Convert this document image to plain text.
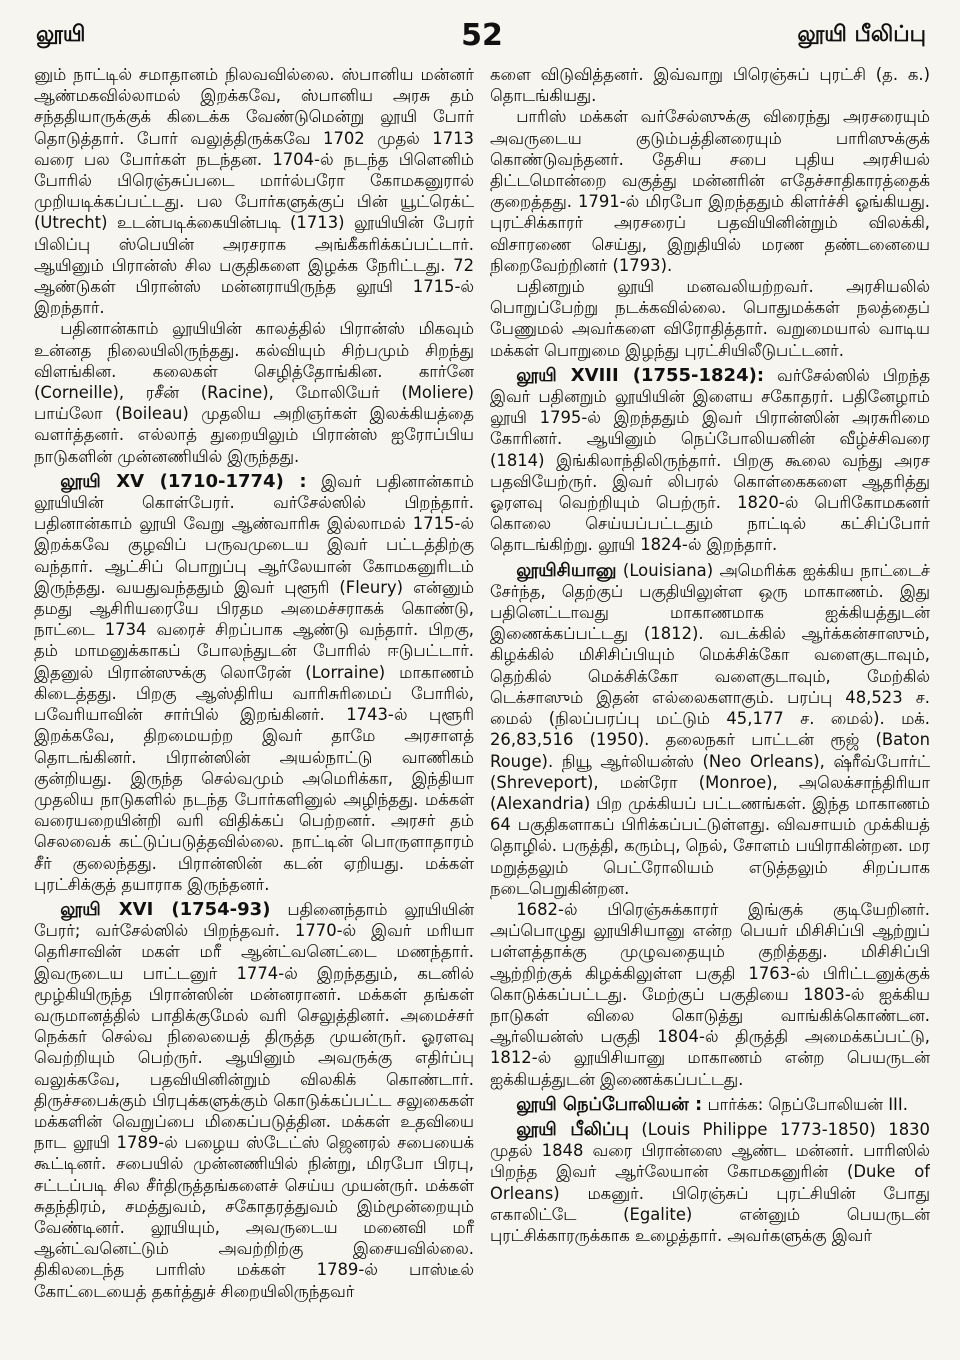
லூயி	52	லூயி பீலிப்பு

னும் நாட்டில் சமாதானம் நிலவவில்லை. ஸ்பானிய மன்னர் ஆண்மகவில்லாமல் இறக்கவே, ஸ்பானிய அரசு தம் சந்ததியாருக்குக் கிடைக்க வேண்டுமென்று லூயி போர் தொடுத்தார். போர் வலுத்திருக்கவே 1702 முதல் 1713 வரை பல போர்கள் நடந்தன. 1704-ல் நடந்த பிளெனிம் போரில் பிரெஞ்சுப்படை மார்ல்பரோ கோமகனுரால் முறியடிக்கப்பட்டது. பல போர்களுக்குப் பின் யூட்ரெக்ட் (Utrecht) உடன்படிக்கையின்படி (1713) லூயியின் பேரர் பிலிப்பு ஸ்பெயின் அரசராக அங்கீகரிக்கப்பட்டார். ஆயினும் பிரான்ஸ் சில பகுதிகளை இழக்க நேரிட்டது. 72 ஆண்டுகள் பிரான்ஸ் மன்னராயிருந்த லூயி 1715-ல் இறந்தார்.

பதினான்காம் லூயியின் காலத்தில் பிரான்ஸ் மிகவும் உன்னத நிலையிலிருந்தது. கல்வியும் சிற்பமும் சிறந்து விளங்கின. கலைகள் செழித்தோங்கின. கார்னே (Corneille), ரசீன் (Racine), மோலியேர் (Moliere) பாய்லோ (Boileau) முதலிய அறிஞர்கள் இலக்கியத்தை வளர்த்தனர். எல்லாத் துறையிலும் பிரான்ஸ் ஐரோப்பிய நாடுகளின் முன்னணியில் இருந்தது.

லூயி XV (1710-1774) : இவர் பதினான்காம் லூயியின் கொள்பேரர். வர்சேல்ஸில் பிறந்தார். பதினான்காம் லூயி வேறு ஆண்வாரிசு இல்லாமல் 1715-ல் இறக்கவே குழவிப் பருவமுடைய இவர் பட்டத்திற்கு வந்தார். ஆட்சிப் பொறுப்பு ஆர்லேயான் கோமகனுரிடம் இருந்தது. வயதுவந்ததும் இவர் புளூரி (Fleury) என்னும் தமது ஆசிரியரையே பிரதம அமைச்சராகக் கொண்டு, நாட்டை 1734 வரைச் சிறப்பாக ஆண்டு வந்தார். பிறகு, தம் மாமனுக்காகப் போலந்துடன் போரில் ஈடுபட்டார். இதனுல் பிரான்ஸுக்கு லொரேன் (Lorraine) மாகாணம் கிடைத்தது. பிறகு ஆஸ்திரிய வாரிசுரிமைப் போரில், பவேரியாவின் சார்பில் இறங்கினர். 1743-ல் புளூரி இறக்கவே, திறமையற்ற இவர் தாமே அரசாளத் தொடங்கினர். பிரான்ஸின் அயல்நாட்டு வாணிகம் குன்றியது. இருந்த செல்வமும் அமெரிக்கா, இந்தியா முதலிய நாடுகளில் நடந்த போர்களினுல் அழிந்தது. மக்கள் வரையறையின்றி வரி விதிக்கப் பெற்றனர். அரசர் தம் செலவைக் கட்டுப்படுத்தவில்லை. நாட்டின் பொருளாதாரம் சீர் குலைந்தது. பிரான்ஸின் கடன் ஏறியது. மக்கள் புரட்சிக்குத் தயாராக இருந்தனர்.

லூயி XVI (1754-93) பதினைந்தாம் லூயியின் பேரர்; வர்சேல்ஸில் பிறந்தவர். 1770-ல் இவர் மரியா தெரிசாவின் மகள் மரீ ஆன்ட்வனெட்டை மணந்தார். இவருடைய பாட்டனுர் 1774-ல் இறந்ததும், கடனில் மூழ்கியிருந்த பிரான்ஸின் மன்னரானர். மக்கள் தங்கள் வருமானத்தில் பாதிக்குமேல் வரி செலுத்தினர். அமைச்சர் நெக்கர் செல்வ நிலையைத் திருத்த முயன்ருர். ஓரளவு வெற்றியும் பெற்ருர். ஆயினும் அவருக்கு எதிர்ப்பு வலுக்கவே, பதவியினின்றும் விலகிக் கொண்டார். திருச்சபைக்கும் பிரபுக்களுக்கும் கொடுக்கப்பட்ட சலுகைகள் மக்களின் வெறுப்பை மிகைப்படுத்தின. மக்கள் உதவியை நாட லூயி 1789-ல் பழைய ஸ்டேட்ஸ் ஜெனரல் சபையைக் கூட்டினர். சபையில் முன்னணியில் நின்று, மிரபோ பிரபு, சட்டப்படி சில சீர்திருத்தங்களைச் செய்ய முயன்ருர். மக்கள் சுதந்திரம், சமத்துவம், சகோதரத்துவம் இம்மூன்றையும் வேண்டினர். லூயியும், அவருடைய மனைவி மரீ ஆன்ட்வனெட்டும் அவற்றிற்கு இசையவில்லை. திகிலடைந்த பாரிஸ் மக்கள் 1789-ல் பாஸ்டீல் கோட்டையைத் தகர்த்துச் சிறையிலிருந்தவர்

களை விடுவித்தனர். இவ்வாறு பிரெஞ்சுப் புரட்சி (த. க.) தொடங்கியது.

பாரிஸ் மக்கள் வர்சேல்ஸுக்கு விரைந்து அரசரையும் அவருடைய குடும்பத்தினரையும் பாரிஸுக்குக் கொண்டுவந்தனர். தேசிய சபை புதிய அரசியல் திட்டமொன்றை வகுத்து மன்னரின் எதேச்சாதிகாரத்தைக் குறைத்தது. 1791-ல் மிரபோ இறந்ததும் கிளர்ச்சி ஓங்கியது. புரட்சிக்காரர் அரசரைப் பதவியினின்றும் விலக்கி, விசாரணை செய்து, இறுதியில் மரண தண்டனையை நிறைவேற்றினர் (1793).

பதினறும் லூயி மனவலியற்றவர். அரசியலில் பொறுப்பேற்று நடக்கவில்லை. பொதுமக்கள் நலத்தைப் பேணுமல் அவர்களை விரோதித்தார். வறுமையால் வாடிய மக்கள் பொறுமை இழந்து புரட்சியிலீடுபட்டனர்.

லூயி XVIII (1755-1824): வர்சேல்ஸில் பிறந்த இவர் பதினறும் லூயியின் இளைய சகோதரர். பதினேழாம் லூயி 1795-ல் இறந்ததும் இவர் பிரான்ஸின் அரசுரிமை கோரினர். ஆயினும் நெப்போலியனின் வீழ்ச்சிவரை (1814) இங்கிலாந்திலிருந்தார். பிறகு கூலை வந்து அரச பதவியேற்ருர். இவர் லிபரல் கொள்கைகளை ஆதரித்து ஓரளவு வெற்றியும் பெற்ருர். 1820-ல் பெரிகோமகனர் கொலை செய்யப்பட்டதும் நாட்டில் கட்சிப்போர் தொடங்கிற்று. லூயி 1824-ல் இறந்தார்.

லூயிசியானு (Louisiana) அமெரிக்க ஐக்கிய நாட்டைச் சேர்ந்த, தெற்குப் பகுதியிலுள்ள ஒரு மாகாணம். இது பதினெட்டாவது மாகாணமாக ஐக்கியத்துடன் இணைக்கப்பட்டது (1812). வடக்கில் ஆர்க்கன்சாஸும், கிழக்கில் மிசிசிப்பியும் மெக்சிக்கோ வளைகுடாவும், தெற்கில் மெக்சிக்கோ வளைகுடாவும், மேற்கில் டெக்சாஸும் இதன் எல்லைகளாகும். பரப்பு 48,523 ச. மைல் (நிலப்பரப்பு மட்டும் 45,177 ச. மைல்). மக். 26,83,516 (1950). தலைநகர் பாட்டன் ரூஜ் (Baton Rouge). நியூ ஆர்லியன்ஸ் (Neo Orleans), ஷ்ரீவ்போர்ட் (Shreveport), மன்ரோ (Monroe), அலெக்சாந்திரியா (Alexandria) பிற முக்கியப் பட்டணங்கள். இந்த மாகாணம் 64 பகுதிகளாகப் பிரிக்கப்பட்டுள்ளது. விவசாயம் முக்கியத் தொழில். பருத்தி, கரும்பு, நெல், சோளம் பயிராகின்றன. மர மறுத்தலும் பெட்ரோலியம் எடுத்தலும் சிறப்பாக நடைபெறுகின்றன.

1682-ல் பிரெஞ்சுக்காரர் இங்குக் குடியேறினர். அப்பொழுது லூயிசியானு என்ற பெயர் மிசிசிப்பி ஆற்றுப் பள்ளத்தாக்கு முழுவதையும் குறித்தது. மிசிசிப்பி ஆற்றிற்குக் கிழக்கிலுள்ள பகுதி 1763-ல் பிரிட்டனுக்குக் கொடுக்கப்பட்டது. மேற்குப் பகுதியை 1803-ல் ஐக்கிய நாடுகள் விலை கொடுத்து வாங்கிக்கொண்டன. ஆர்லியன்ஸ் பகுதி 1804-ல் திருத்தி அமைக்கப்பட்டு, 1812-ல் லூயிசியானு மாகாணம் என்ற பெயருடன் ஐக்கியத்துடன் இணைக்கப்பட்டது.

லூயி நெப்போலியன் : பார்க்க: நெப்போலியன் III.

லூயி பீலிப்பு (Louis Philippe 1773-1850) 1830 முதல் 1848 வரை பிரான்ஸை ஆண்ட மன்னர். பாரிஸில் பிறந்த இவர் ஆர்லேயான் கோமகனுரின் (Duke of Orleans) மகனுர். பிரெஞ்சுப் புரட்சியின் போது எகாலிட்டே (Egalite) என்னும் பெயருடன் புரட்சிக்காரருக்காக உழைத்தார். அவர்களுக்கு இவர்
